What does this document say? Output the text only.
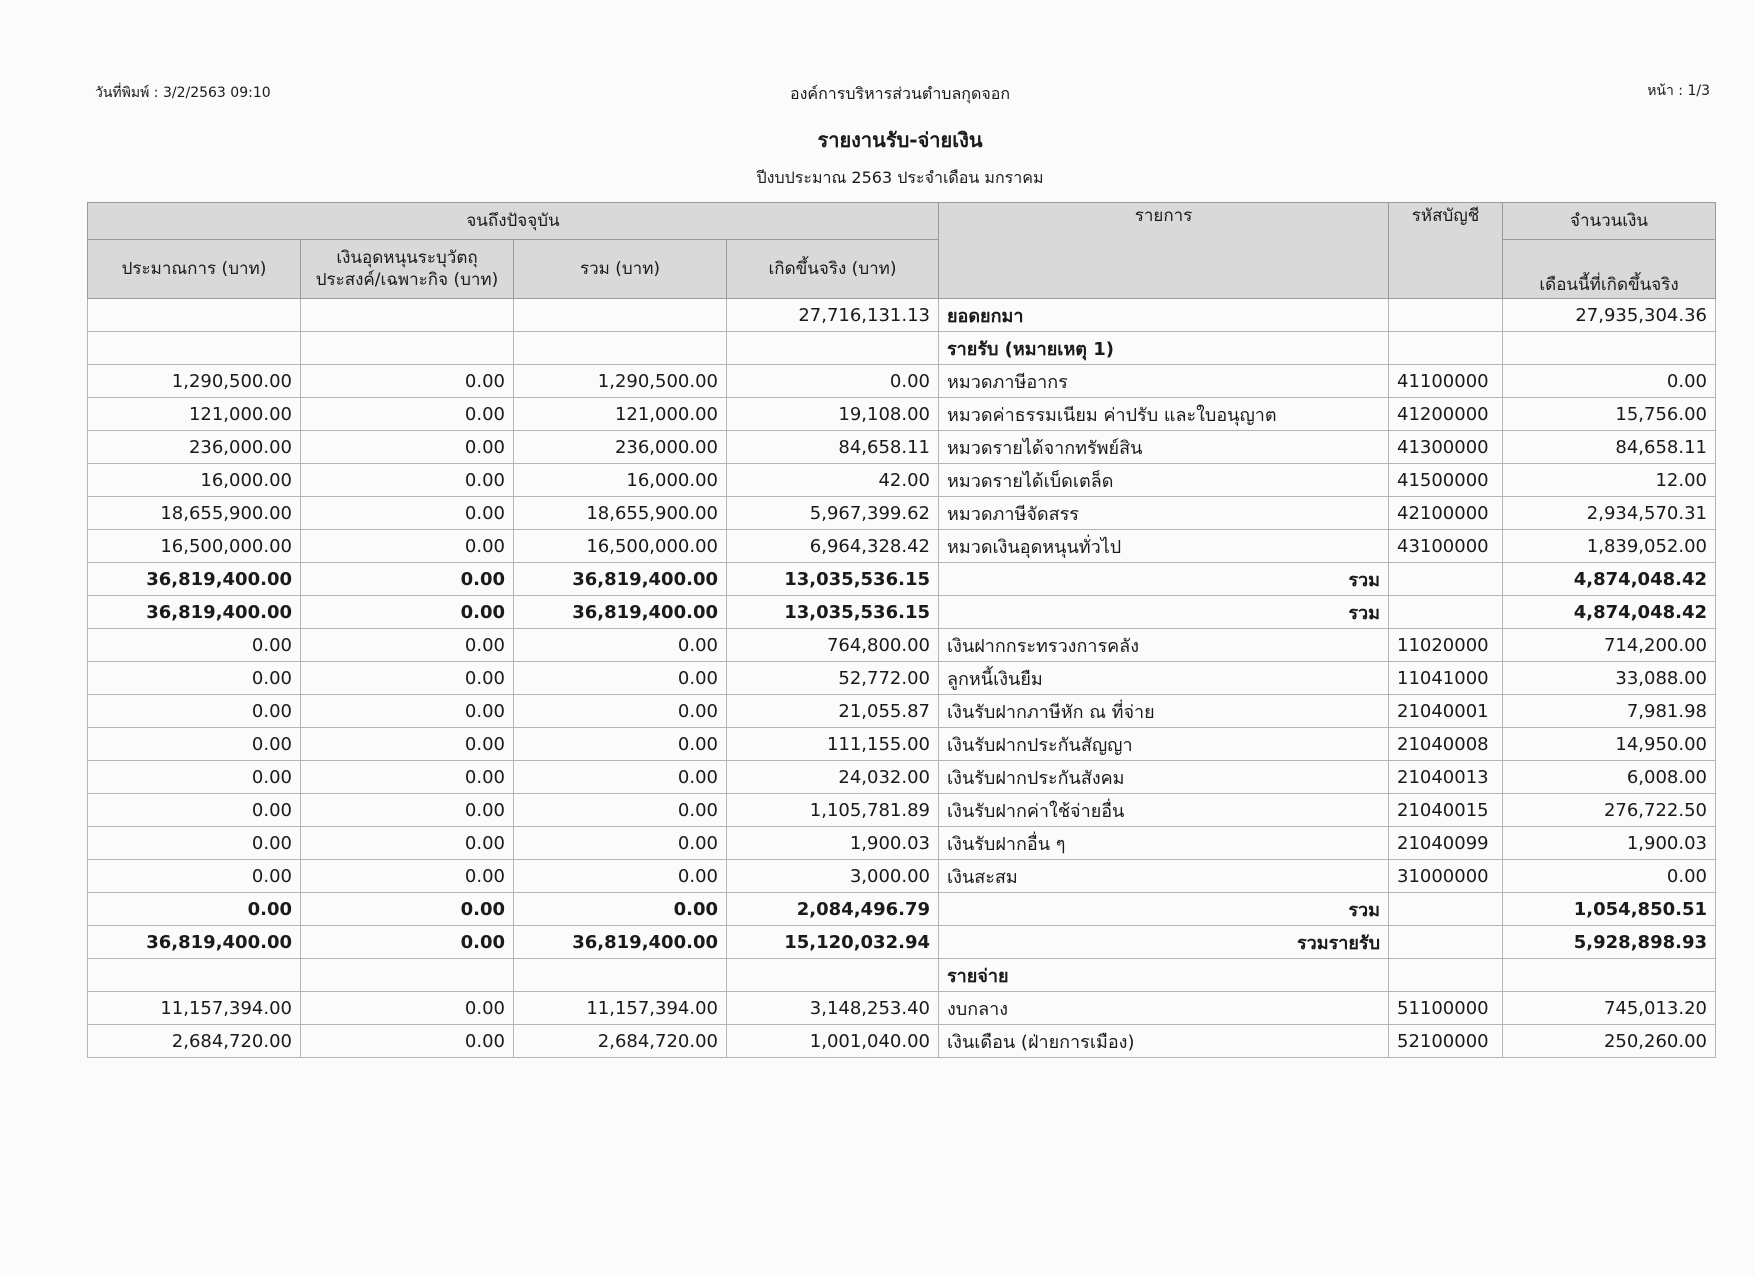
วันที่พิมพ์ : 3/2/2563 09:10	องค์การบริหารส่วนตำบลกุดจอก	หน้า : 1/3
รายงานรับ-จ่ายเงิน
ปีงบประมาณ 2563 ประจำเดือน มกราคม
จนถึงปัจจุบัน				รายการ	รหัสบัญชี	จำนวนเงิน
ประมาณการ (บาท)	เงินอุดหนุนระบุวัตถุ ประสงค์/เฉพาะกิจ (บาท)	รวม (บาท)	เกิดขึ้นจริง (บาท)			เดือนนี้ที่เกิดขึ้นจริง
			27,716,131.13	ยอดยกมา		27,935,304.36
				รายรับ (หมายเหตุ 1)		
1,290,500.00	0.00	1,290,500.00	0.00	หมวดภาษีอากร	41100000	0.00
121,000.00	0.00	121,000.00	19,108.00	หมวดค่าธรรมเนียม ค่าปรับ และใบอนุญาต	41200000	15,756.00
236,000.00	0.00	236,000.00	84,658.11	หมวดรายได้จากทรัพย์สิน	41300000	84,658.11
16,000.00	0.00	16,000.00	42.00	หมวดรายได้เบ็ดเตล็ด	41500000	12.00
18,655,900.00	0.00	18,655,900.00	5,967,399.62	หมวดภาษีจัดสรร	42100000	2,934,570.31
16,500,000.00	0.00	16,500,000.00	6,964,328.42	หมวดเงินอุดหนุนทั่วไป	43100000	1,839,052.00
36,819,400.00	0.00	36,819,400.00	13,035,536.15	รวม		4,874,048.42
36,819,400.00	0.00	36,819,400.00	13,035,536.15	รวม		4,874,048.42
0.00	0.00	0.00	764,800.00	เงินฝากกระทรวงการคลัง	11020000	714,200.00
0.00	0.00	0.00	52,772.00	ลูกหนี้เงินยืม	11041000	33,088.00
0.00	0.00	0.00	21,055.87	เงินรับฝากภาษีหัก ณ ที่จ่าย	21040001	7,981.98
0.00	0.00	0.00	111,155.00	เงินรับฝากประกันสัญญา	21040008	14,950.00
0.00	0.00	0.00	24,032.00	เงินรับฝากประกันสังคม	21040013	6,008.00
0.00	0.00	0.00	1,105,781.89	เงินรับฝากค่าใช้จ่ายอื่น	21040015	276,722.50
0.00	0.00	0.00	1,900.03	เงินรับฝากอื่น ๆ	21040099	1,900.03
0.00	0.00	0.00	3,000.00	เงินสะสม	31000000	0.00
0.00	0.00	0.00	2,084,496.79	รวม		1,054,850.51
36,819,400.00	0.00	36,819,400.00	15,120,032.94	รวมรายรับ		5,928,898.93
				รายจ่าย		
11,157,394.00	0.00	11,157,394.00	3,148,253.40	งบกลาง	51100000	745,013.20
2,684,720.00	0.00	2,684,720.00	1,001,040.00	เงินเดือน (ฝ่ายการเมือง)	52100000	250,260.00
